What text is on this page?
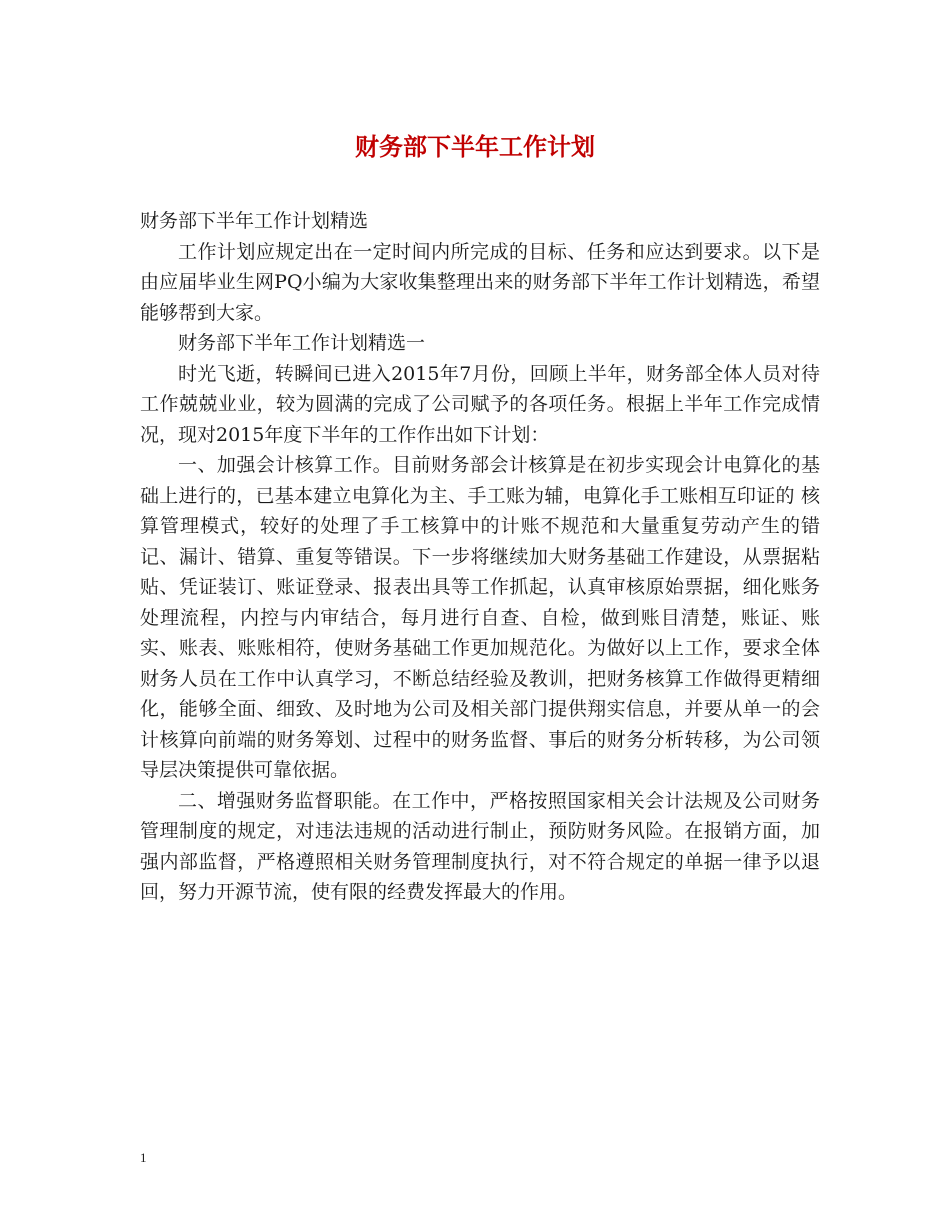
财务部下半年工作计划

财务部下半年工作计划精选

工作计划应规定出在一定时间内所完成的目标、任务和应达到要求。以下是由应届毕业生网PQ小编为大家收集整理出来的财务部下半年工作计划精选，希望能够帮到大家。

财务部下半年工作计划精选一

时光飞逝，转瞬间已进入2015年7月份，回顾上半年，财务部全体人员对待工作兢兢业业，较为圆满的完成了公司赋予的各项任务。根据上半年工作完成情况，现对2015年度下半年的工作作出如下计划：

一、加强会计核算工作。目前财务部会计核算是在初步实现会计电算化的基础上进行的，已基本建立电算化为主、手工账为辅，电算化手工账相互印证的 核算管理模式，较好的处理了手工核算中的计账不规范和大量重复劳动产生的错记、漏计、错算、重复等错误。下一步将继续加大财务基础工作建设，从票据粘贴、凭证装订、账证登录、报表出具等工作抓起，认真审核原始票据，细化账务处理流程，内控与内审结合，每月进行自查、自检，做到账目清楚，账证、账实、账表、账账相符，使财务基础工作更加规范化。为做好以上工作，要求全体财务人员在工作中认真学习，不断总结经验及教训，把财务核算工作做得更精细化，能够全面、细致、及时地为公司及相关部门提供翔实信息，并要从单一的会计核算向前端的财务筹划、过程中的财务监督、事后的财务分析转移，为公司领导层决策提供可靠依据。

二、增强财务监督职能。在工作中，严格按照国家相关会计法规及公司财务管理制度的规定，对违法违规的活动进行制止，预防财务风险。在报销方面，加强内部监督，严格遵照相关财务管理制度执行，对不符合规定的单据一律予以退回，努力开源节流，使有限的经费发挥最大的作用。

1
